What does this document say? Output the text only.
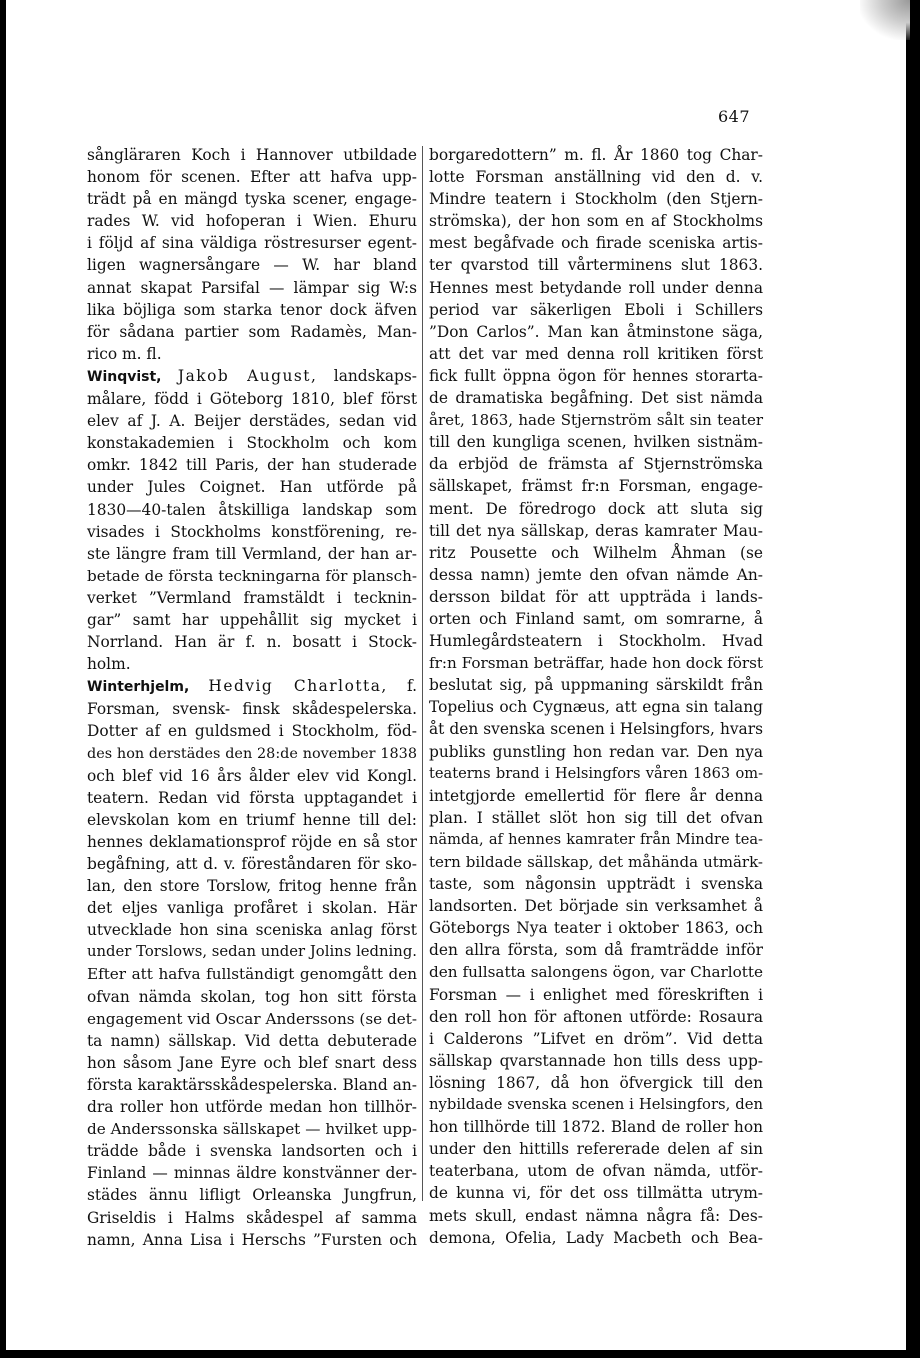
647
sångläraren Koch i Hannover utbildade
honom för scenen. Efter att hafva upp-
trädt på en mängd tyska scener, engage-
rades W. vid hofoperan i Wien. Ehuru
i följd af sina väldiga röstresurser egent-
ligen wagnersångare — W. har bland
annat skapat Parsifal — lämpar sig W:s
lika böjliga som starka tenor dock äfven
för sådana partier som Radamès, Man-
rico m. fl.
Winqvist, Jakob August, landskaps-
målare, född i Göteborg 1810, blef först
elev af J. A. Beijer derstädes, sedan vid
konstakademien i Stockholm och kom
omkr. 1842 till Paris, der han studerade
under Jules Coignet. Han utförde på
1830—40-talen åtskilliga landskap som
visades i Stockholms konstförening, re-
ste längre fram till Vermland, der han ar-
betade de första teckningarna för plansch-
verket ”Vermland framstäldt i tecknin-
gar” samt har uppehållit sig mycket i
Norrland. Han är f. n. bosatt i Stock-
holm.
Winterhjelm, Hedvig Charlotta, f.
Forsman, svensk- finsk skådespelerska.
Dotter af en guldsmed i Stockholm, föd-
des hon derstädes den 28:de november 1838
och blef vid 16 års ålder elev vid Kongl.
teatern. Redan vid första upptagandet i
elevskolan kom en triumf henne till del:
hennes deklamationsprof röjde en så stor
begåfning, att d. v. föreståndaren för sko-
lan, den store Torslow, fritog henne från
det eljes vanliga profåret i skolan. Här
utvecklade hon sina sceniska anlag först
under Torslows, sedan under Jolins ledning.
Efter att hafva fullständigt genomgått den
ofvan nämda skolan, tog hon sitt första
engagement vid Oscar Anderssons (se det-
ta namn) sällskap. Vid detta debuterade
hon såsom Jane Eyre och blef snart dess
första karaktärsskådespelerska. Bland an-
dra roller hon utförde medan hon tillhör-
de Anderssonska sällskapet — hvilket upp-
trädde både i svenska landsorten och i
Finland — minnas äldre konstvänner der-
städes ännu lifligt Orleanska Jungfrun,
Griseldis i Halms skådespel af samma
namn, Anna Lisa i Herschs ”Fursten och
borgaredottern” m. fl. År 1860 tog Char-
lotte Forsman anställning vid den d. v.
Mindre teatern i Stockholm (den Stjern-
strömska), der hon som en af Stockholms
mest begåfvade och firade sceniska artis-
ter qvarstod till vårterminens slut 1863.
Hennes mest betydande roll under denna
period var säkerligen Eboli i Schillers
”Don Carlos”. Man kan åtminstone säga,
att det var med denna roll kritiken först
fick fullt öppna ögon för hennes storarta-
de dramatiska begåfning. Det sist nämda
året, 1863, hade Stjernström sålt sin teater
till den kungliga scenen, hvilken sistnäm-
da erbjöd de främsta af Stjernströmska
sällskapet, främst fr:n Forsman, engage-
ment. De föredrogo dock att sluta sig
till det nya sällskap, deras kamrater Mau-
ritz Pousette och Wilhelm Åhman (se
dessa namn) jemte den ofvan nämde An-
dersson bildat för att uppträda i lands-
orten och Finland samt, om somrarne, å
Humlegårdsteatern i Stockholm. Hvad
fr:n Forsman beträffar, hade hon dock först
beslutat sig, på uppmaning särskildt från
Topelius och Cygnæus, att egna sin talang
åt den svenska scenen i Helsingfors, hvars
publiks gunstling hon redan var. Den nya
teaterns brand i Helsingfors våren 1863 om-
intetgjorde emellertid för flere år denna
plan. I stället slöt hon sig till det ofvan
nämda, af hennes kamrater från Mindre tea-
tern bildade sällskap, det måhända utmärk-
taste, som någonsin uppträdt i svenska
landsorten. Det började sin verksamhet å
Göteborgs Nya teater i oktober 1863, och
den allra första, som då framträdde inför
den fullsatta salongens ögon, var Charlotte
Forsman — i enlighet med föreskriften i
den roll hon för aftonen utförde: Rosaura
i Calderons ”Lifvet en dröm”. Vid detta
sällskap qvarstannade hon tills dess upp-
lösning 1867, då hon öfvergick till den
nybildade svenska scenen i Helsingfors, den
hon tillhörde till 1872. Bland de roller hon
under den hittills refererade delen af sin
teaterbana, utom de ofvan nämda, utför-
de kunna vi, för det oss tillmätta utrym-
mets skull, endast nämna några få: Des-
demona, Ofelia, Lady Macbeth och Bea-
